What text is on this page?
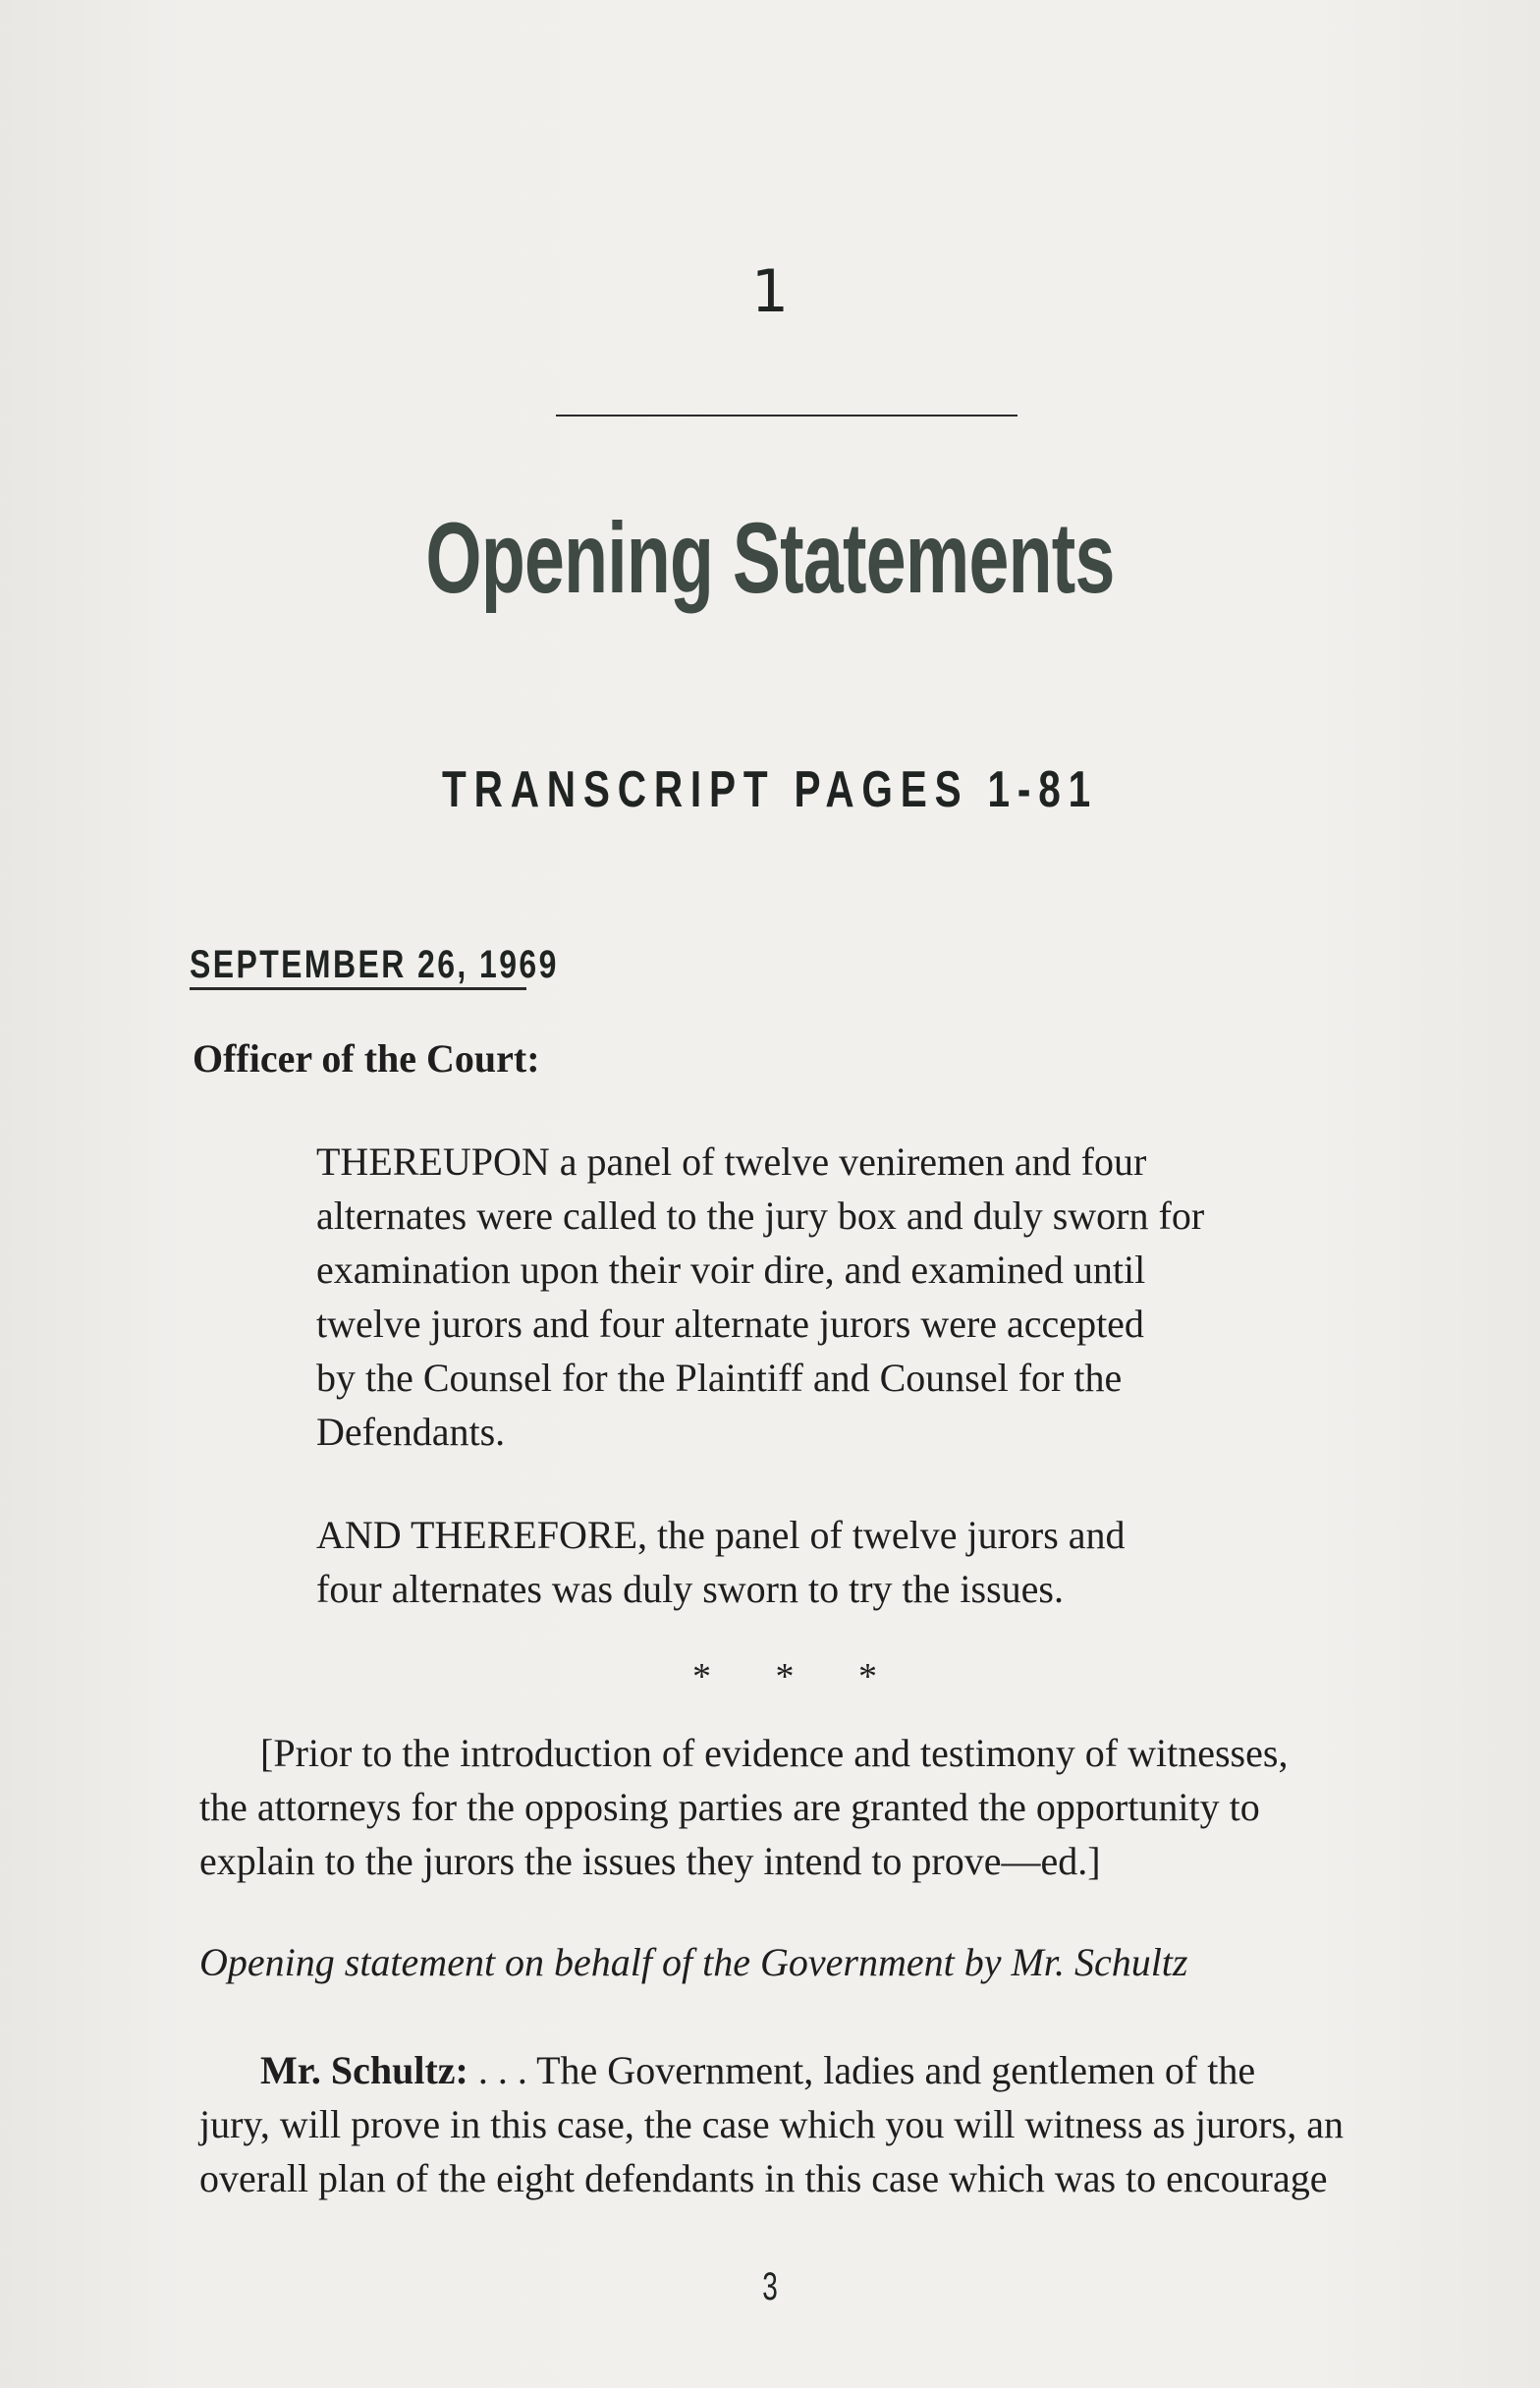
1
Opening Statements
TRANSCRIPT PAGES 1-81
SEPTEMBER 26, 1969
Officer of the Court:
THEREUPON a panel of twelve veniremen and four
alternates were called to the jury box and duly sworn for
examination upon their voir dire, and examined until
twelve jurors and four alternate jurors were accepted
by the Counsel for the Plaintiff and Counsel for the
Defendants.
AND THEREFORE, the panel of twelve jurors and
four alternates was duly sworn to try the issues.
* * *
[Prior to the introduction of evidence and testimony of witnesses,
the attorneys for the opposing parties are granted the opportunity to
explain to the jurors the issues they intend to prove—ed.]
Opening statement on behalf of the Government by Mr. Schultz
Mr. Schultz: . . . The Government, ladies and gentlemen of the
jury, will prove in this case, the case which you will witness as jurors, an
overall plan of the eight defendants in this case which was to encourage
3
